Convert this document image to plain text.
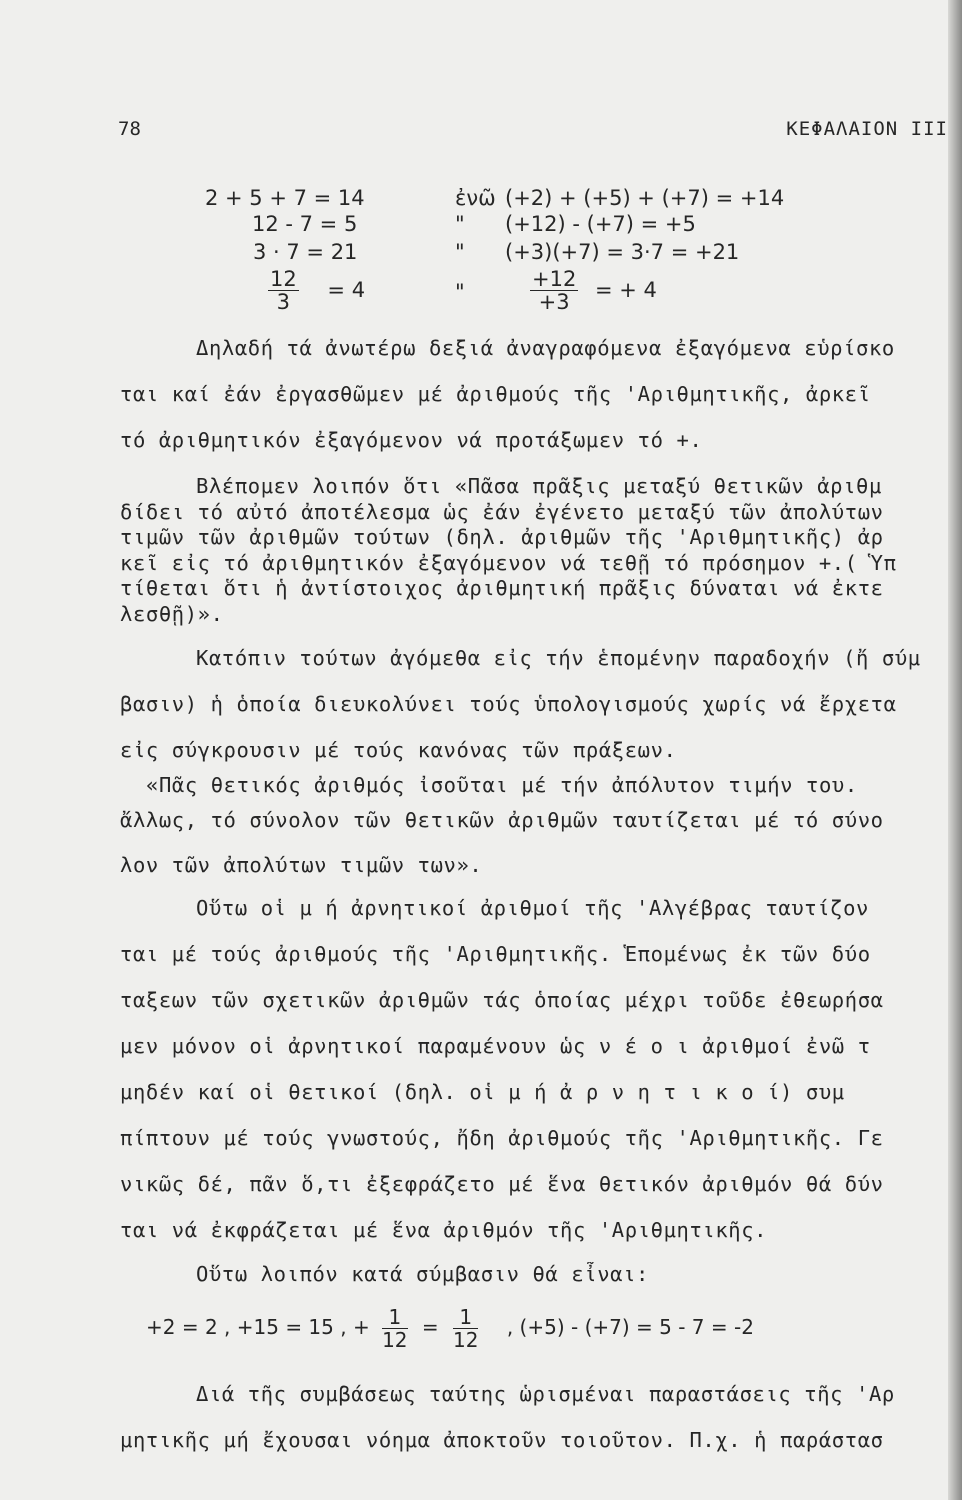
78	ΚΕΦΑΛΑΙΟΝ III
2 + 5 + 7 = 14	ἐνῶ (+2) + (+5) + (+7) = +14
12 - 7 = 5	" (+12) - (+7) = +5
3 · 7 = 21	" (+3)(+7) = 3·7 = +21
$\frac{12}{3} = 4$	"	$\frac{+12}{+3}$ = + 4
Δηλαδή τά ἀνωτέρω δεξιά ἀναγραφόμενα ἐξαγόμενα εὑρίσκο
ται καί ἐάν ἐργασθῶμεν μέ ἀριθμούς τῆς 'Αριθμητικῆς, ἀρκεῖ
τό ἀριθμητικόν ἐξαγόμενον νά προτάξωμεν τό +.
Βλέπομεν λοιπόν ὅτι «Πᾶσα πρᾶξις μεταξύ θετικῶν ἀριθμ
δίδει τό αὐτό ἀποτέλεσμα ὡς ἐάν ἐγένετο μεταξύ τῶν ἀπολύτων
τιμῶν τῶν ἀριθμῶν τούτων (δηλ. ἀριθμῶν τῆς 'Αριθμητικῆς) ἀρ
κεῖ εἰς τό ἀριθμητικόν ἐξαγόμενον νά τεθῇ τό πρόσημον +.( Ὑπ
τίθεται ὅτι ἡ ἀντίστοιχος ἀριθμητική πρᾶξις δύναται νά ἐκτε
λεσθῇ)».
Κατόπιν τούτων ἀγόμεθα εἰς τήν ἑπομένην παραδοχήν (ἤ σύμ
βασιν) ἡ ὁποία διευκολύνει τούς ὑπολογισμούς χωρίς νά ἔρχετα
εἰς σύγκρουσιν μέ τούς κανόνας τῶν πράξεων.
«Πᾶς θετικός ἀριθμός ἰσοῦται μέ τήν ἀπόλυτον τιμήν του.
ἄλλως, τό σύνολον τῶν θετικῶν ἀριθμῶν ταυτίζεται μέ τό σύνο
λον τῶν ἀπολύτων τιμῶν των».
Οὕτω οἱ μ ή ἀρνητικοί ἀριθμοί τῆς 'Αλγέβρας ταυτίζον
ται μέ τούς ἀριθμούς τῆς 'Αριθμητικῆς. Ἑπομένως ἐκ τῶν δύο
ταξεων τῶν σχετικῶν ἀριθμῶν τάς ὁποίας μέχρι τοῦδε ἐθεωρήσα
μεν μόνον οἱ ἀρνητικοί παραμένουν ὡς ν έ ο ι ἀριθμοί ἐνῶ τ
μηδέν καί οἱ θετικοί (δηλ. οἱ μ ή ἀ ρ ν η τ ι κ ο ί) συμ
πίπτουν μέ τούς γνωστούς, ἤδη ἀριθμούς τῆς 'Αριθμητικῆς. Γε
νικῶς δέ, πᾶν ὅ,τι ἐξεφράζετο μέ ἕνα θετικόν ἀριθμόν θά δύν
ται νά ἐκφράζεται μέ ἕνα ἀριθμόν τῆς 'Αριθμητικῆς.
Οὕτω λοιπόν κατά σύμβασιν θά εἶναι:
+2 = 2 , +15 = 15 , + $\frac{1}{12} = \frac{1}{12}$ , (+5) - (+7) = 5 - 7 = -2
Διά τῆς συμβάσεως ταύτης ὡρισμέναι παραστάσεις τῆς 'Αρ
μητικῆς μή ἔχουσαι νόημα ἀποκτοῦν τοιοῦτον. Π.χ. ἡ παράστασ
